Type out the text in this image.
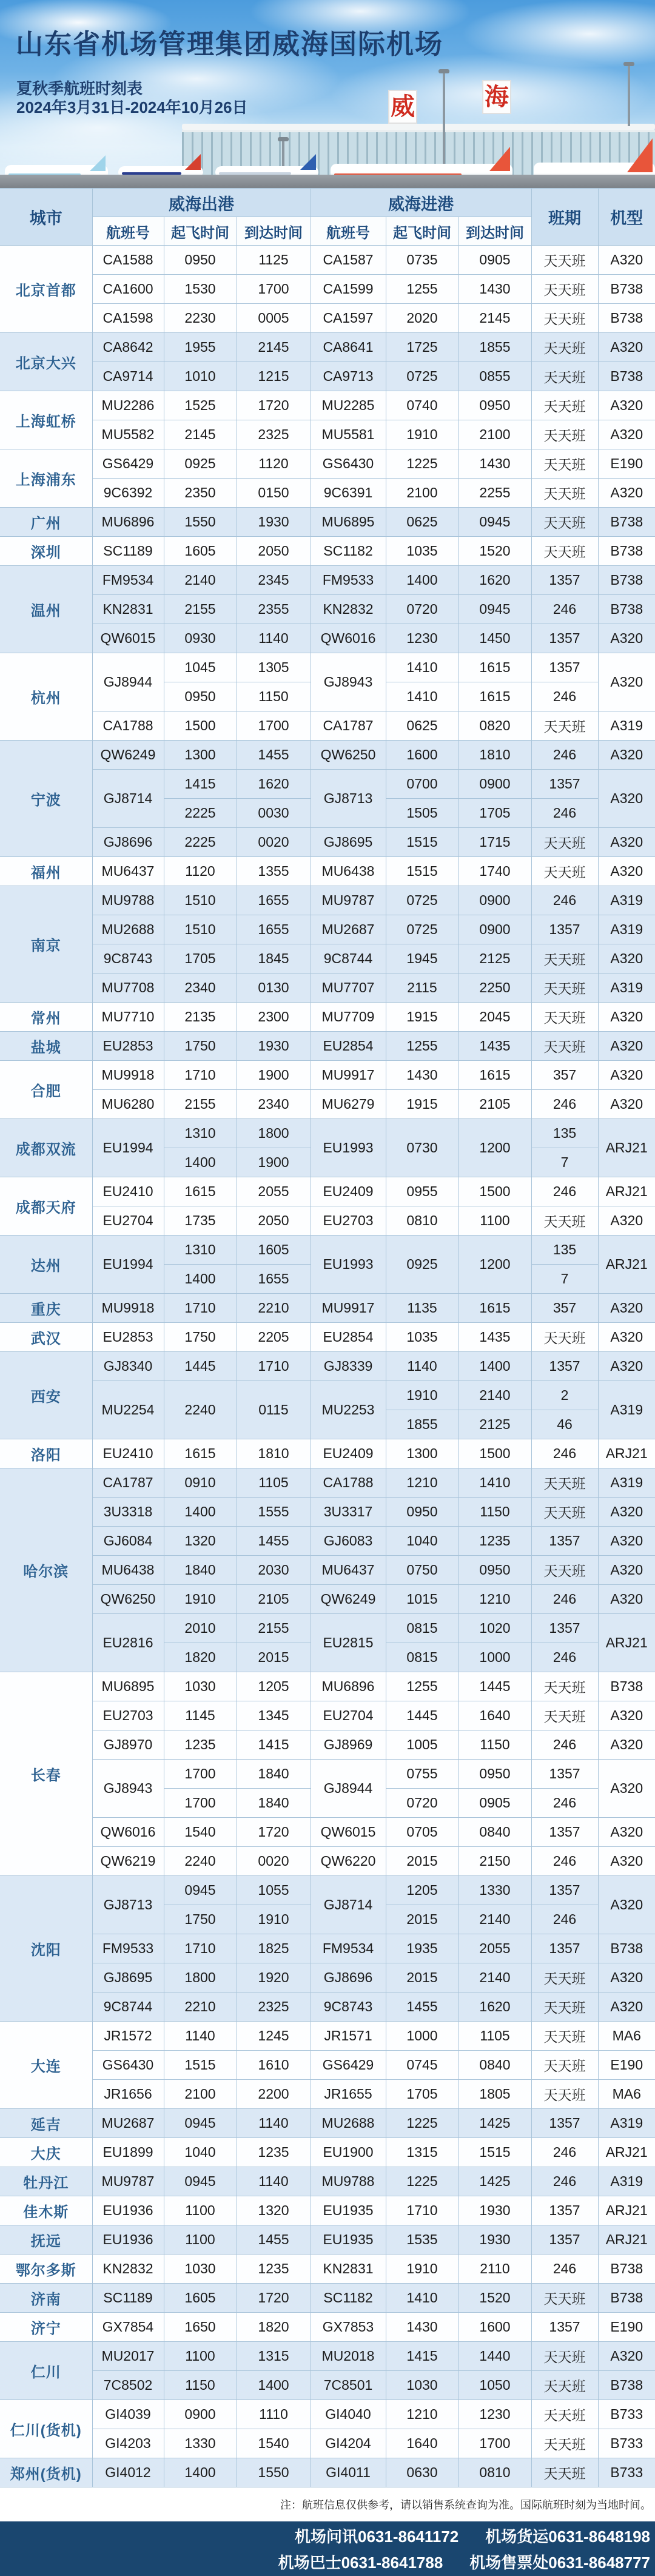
威	海
山东省机场管理集团威海国际机场
夏秋季航班时刻表
2024年3月31日-2024年10月26日
城市	威海出港			威海进港			班期	机型
	航班号	起飞时间	到达时间	航班号	起飞时间	到达时间		
北京首都	CA1588	0950	1125	CA1587	0735	0905	天天班	A320
	CA1600	1530	1700	CA1599	1255	1430	天天班	B738
	CA1598	2230	0005	CA1597	2020	2145	天天班	B738
北京大兴	CA8642	1955	2145	CA8641	1725	1855	天天班	A320
	CA9714	1010	1215	CA9713	0725	0855	天天班	B738
上海虹桥	MU2286	1525	1720	MU2285	0740	0950	天天班	A320
	MU5582	2145	2325	MU5581	1910	2100	天天班	A320
上海浦东	GS6429	0925	1120	GS6430	1225	1430	天天班	E190
	9C6392	2350	0150	9C6391	2100	2255	天天班	A320
广州	MU6896	1550	1930	MU6895	0625	0945	天天班	B738
深圳	SC1189	1605	2050	SC1182	1035	1520	天天班	B738
温州	FM9534	2140	2345	FM9533	1400	1620	1357	B738
	KN2831	2155	2355	KN2832	0720	0945	246	B738
	QW6015	0930	1140	QW6016	1230	1450	1357	A320
杭州	GJ8944	1045	1305	GJ8943	1410	1615	1357	A320
		0950	1150		1410	1615	246	
	CA1788	1500	1700	CA1787	0625	0820	天天班	A319
宁波	QW6249	1300	1455	QW6250	1600	1810	246	A320
	GJ8714	1415	1620	GJ8713	0700	0900	1357	A320
		2225	0030		1505	1705	246	
	GJ8696	2225	0020	GJ8695	1515	1715	天天班	A320
福州	MU6437	1120	1355	MU6438	1515	1740	天天班	A320
南京	MU9788	1510	1655	MU9787	0725	0900	246	A319
	MU2688	1510	1655	MU2687	0725	0900	1357	A319
	9C8743	1705	1845	9C8744	1945	2125	天天班	A320
	MU7708	2340	0130	MU7707	2115	2250	天天班	A319
常州	MU7710	2135	2300	MU7709	1915	2045	天天班	A320
盐城	EU2853	1750	1930	EU2854	1255	1435	天天班	A320
合肥	MU9918	1710	1900	MU9917	1430	1615	357	A320
	MU6280	2155	2340	MU6279	1915	2105	246	A320
成都双流	EU1994	1310	1800	EU1993	0730	1200	135	ARJ21
		1400	1900				7	
成都天府	EU2410	1615	2055	EU2409	0955	1500	246	ARJ21
	EU2704	1735	2050	EU2703	0810	1100	天天班	A320
达州	EU1994	1310	1605	EU1993	0925	1200	135	ARJ21
		1400	1655				7	
重庆	MU9918	1710	2210	MU9917	1135	1615	357	A320
武汉	EU2853	1750	2205	EU2854	1035	1435	天天班	A320
西安	GJ8340	1445	1710	GJ8339	1140	1400	1357	A320
	MU2254	2240	0115	MU2253	1910	2140	2	A319
					1855	2125	46	
洛阳	EU2410	1615	1810	EU2409	1300	1500	246	ARJ21
哈尔滨	CA1787	0910	1105	CA1788	1210	1410	天天班	A319
	3U3318	1400	1555	3U3317	0950	1150	天天班	A320
	GJ6084	1320	1455	GJ6083	1040	1235	1357	A320
	MU6438	1840	2030	MU6437	0750	0950	天天班	A320
	QW6250	1910	2105	QW6249	1015	1210	246	A320
	EU2816	2010	2155	EU2815	0815	1020	1357	ARJ21
		1820	2015		0815	1000	246	
长春	MU6895	1030	1205	MU6896	1255	1445	天天班	B738
	EU2703	1145	1345	EU2704	1445	1640	天天班	A320
	GJ8970	1235	1415	GJ8969	1005	1150	246	A320
	GJ8943	1700	1840	GJ8944	0755	0950	1357	A320
		1700	1840		0720	0905	246	
	QW6016	1540	1720	QW6015	0705	0840	1357	A320
	QW6219	2240	0020	QW6220	2015	2150	246	A320
沈阳	GJ8713	0945	1055	GJ8714	1205	1330	1357	A320
		1750	1910		2015	2140	246	
	FM9533	1710	1825	FM9534	1935	2055	1357	B738
	GJ8695	1800	1920	GJ8696	2015	2140	天天班	A320
	9C8744	2210	2325	9C8743	1455	1620	天天班	A320
大连	JR1572	1140	1245	JR1571	1000	1105	天天班	MA6
	GS6430	1515	1610	GS6429	0745	0840	天天班	E190
	JR1656	2100	2200	JR1655	1705	1805	天天班	MA6
延吉	MU2687	0945	1140	MU2688	1225	1425	1357	A319
大庆	EU1899	1040	1235	EU1900	1315	1515	246	ARJ21
牡丹江	MU9787	0945	1140	MU9788	1225	1425	246	A319
佳木斯	EU1936	1100	1320	EU1935	1710	1930	1357	ARJ21
抚远	EU1936	1100	1455	EU1935	1535	1930	1357	ARJ21
鄂尔多斯	KN2832	1030	1235	KN2831	1910	2110	246	B738
济南	SC1189	1605	1720	SC1182	1410	1520	天天班	B738
济宁	GX7854	1650	1820	GX7853	1430	1600	1357	E190
仁川	MU2017	1100	1315	MU2018	1415	1440	天天班	A320
	7C8502	1150	1400	7C8501	1030	1050	天天班	B738
仁川(货机)	GI4039	0900	1110	GI4040	1210	1230	天天班	B733
	GI4203	1330	1540	GI4204	1640	1700	天天班	B733
郑州(货机)	GI4012	1400	1550	GI4011	0630	0810	天天班	B733
注：航班信息仅供参考，请以销售系统查询为准。国际航班时刻为当地时间。
机场问讯0631-8641172 机场货运0631-8648198
机场巴士0631-8641788 机场售票处0631-8648777
